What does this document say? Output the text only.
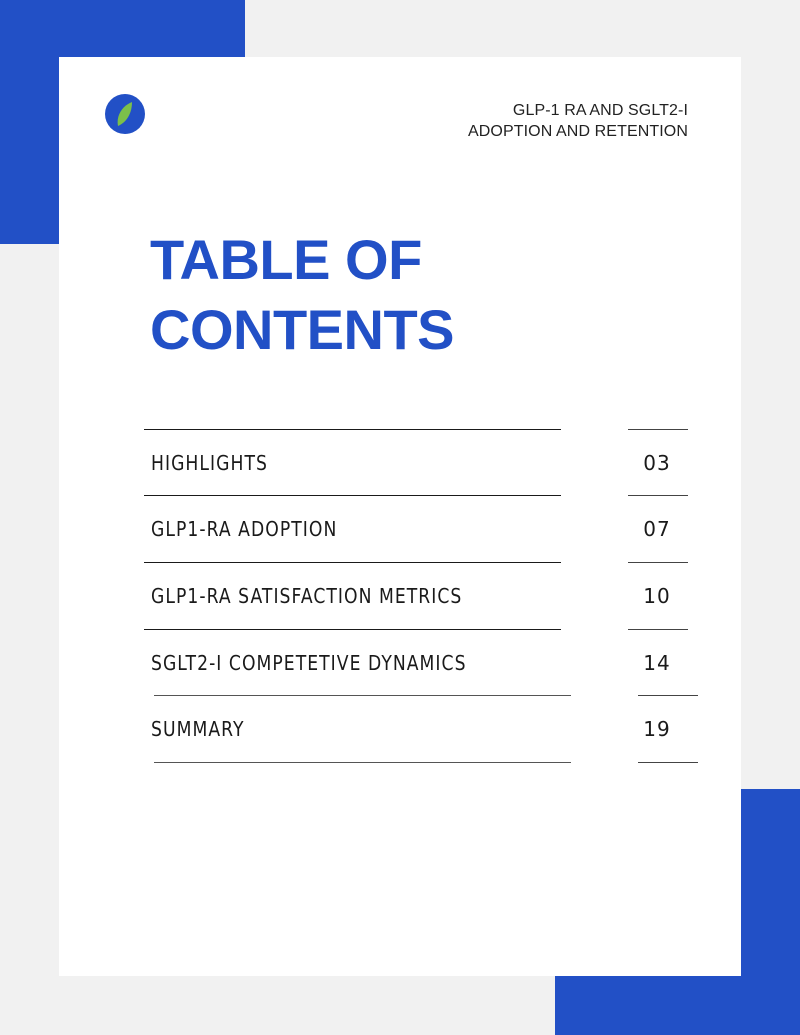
GLP-1 RA AND SGLT2-I
ADOPTION AND RETENTION
TABLE OF
CONTENTS
HIGHLIGHTS	03
GLP1-RA ADOPTION	07
GLP1-RA SATISFACTION METRICS	10
SGLT2-I COMPETETIVE DYNAMICS	14
SUMMARY	19
